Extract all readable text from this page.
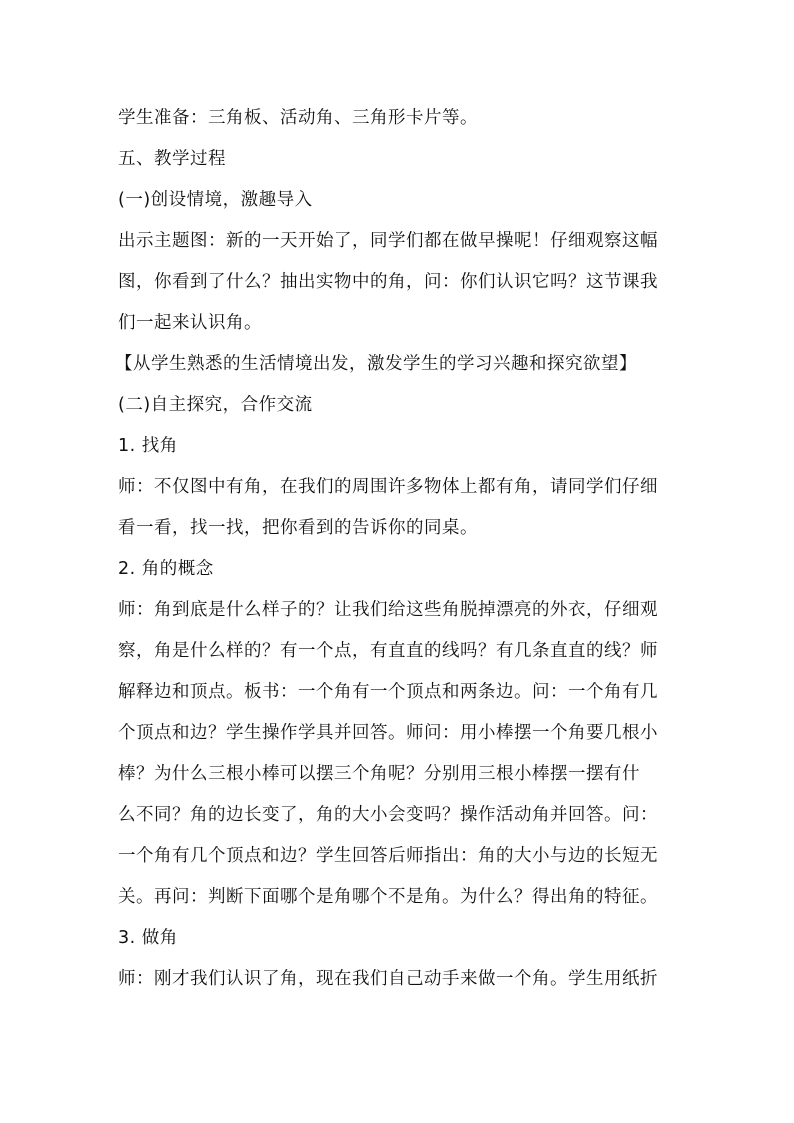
学生准备：三角板、活动角、三角形卡片等。
五、教学过程
(一)创设情境，激趣导入
出示主题图：新的一天开始了，同学们都在做早操呢！仔细观察这幅
图，你看到了什么？抽出实物中的角，问：你们认识它吗？这节课我
们一起来认识角。
【从学生熟悉的生活情境出发，激发学生的学习兴趣和探究欲望】
(二)自主探究，合作交流
1. 找角
师：不仅图中有角，在我们的周围许多物体上都有角，请同学们仔细
看一看，找一找，把你看到的告诉你的同桌。
2. 角的概念
师：角到底是什么样子的？让我们给这些角脱掉漂亮的外衣，仔细观
察，角是什么样的？有一个点，有直直的线吗？有几条直直的线？师
解释边和顶点。板书：一个角有一个顶点和两条边。问：一个角有几
个顶点和边？学生操作学具并回答。师问：用小棒摆一个角要几根小
棒？为什么三根小棒可以摆三个角呢？分别用三根小棒摆一摆有什
么不同？角的边长变了，角的大小会变吗？操作活动角并回答。问：
一个角有几个顶点和边？学生回答后师指出：角的大小与边的长短无
关。再问：判断下面哪个是角哪个不是角。为什么？得出角的特征。
3. 做角
师：刚才我们认识了角，现在我们自己动手来做一个角。学生用纸折
